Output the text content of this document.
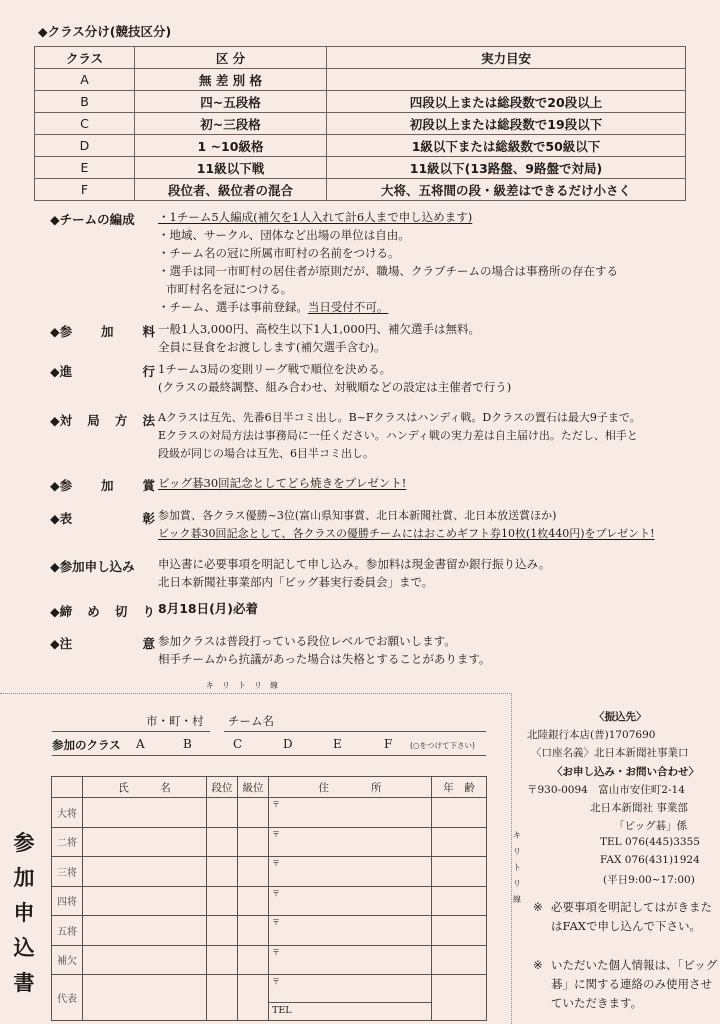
◆クラス分け(競技区分)
クラス	区 分	実力目安
A	無 差 別 格	
B	四~五段格	四段以上または総段数で20段以上
C	初~三段格	初段以上または総段数で19段以下
D	1 ~10級格	1級以下または総級数で50級以下
E	11級以下戦	11級以下(13路盤、9路盤で対局)
F	段位者、級位者の混合	大将、五将間の段・級差はできるだけ小さく
◆チ ームの編成 ・1チーム5人編成(補欠を1人入れて計6人まで申し込めます)
・地域、サークル、団体など出場の単位は自由。
・チーム名の冠に所属市町村の名前をつける。
・選手は同一市町村の居住者が原則だが、職場、クラブチームの場合は事務所の存在する
市町村名を冠につける。
・チーム、選手は事前登録。当日受付不可。
◆参 加 料 一般1人3,000円、高校生以下1人1,000円、補欠選手は無料。
全員に昼食をお渡しします(補欠選手含む)。
◆進	行 1チーム3局の変則リーグ戦で順位を決める。
(クラスの最終調整、組み合わせ、対戦順などの設定は主催者で行う)
◆対 局 方 法 Aクラスは互先、先番6目半コミ出し。B~Fクラスはハンディ戦。Dクラスの置石は最大9子まで。
Eクラスの対局方法は事務局に一任ください。ハンディ戦の実力差は自主届け出。ただし、相手と
段級が同じの場合は互先、6目半コミ出し。
◆参 加 賞 ビッグ碁30回記念としてどら焼きをプレゼント!
◆表	彰 参加賞、各クラス優勝~3位(富山県知事賞、北日本新聞社賞、北日本放送賞ほか)
ビック碁30回記念として、各クラスの優勝チームにはおこめギフト券10枚(1枚440円)をプレゼント!
◆参加申し込み 申込書に必要事項を明記して申し込み。参加料は現金書留か銀行振り込み。
北日本新聞社事業部内「ビッグ碁実行委員会」まで。
◆締 め 切 り 8月18日(月)必着
◆注	意 参加クラスは普段打っている段位レベルでお願いします。
相手チームから抗議があった場合は失格とすることがあります。
キリトリ線
キ
リ
ト
リ
線
市・町・村 チーム名
参加のクラス A	B	C	D	E	F (○をつけて下さい)
参
加
申
込
書
	氏　　　名	段位	級位	住　　　　所	年　齢
大将				〒	

二将				〒	

三将				〒	

四将				〒	

五将				〒	

補欠				〒	

代表				〒
TEL	

〈振込先〉
北陸銀行本店(普)1707690
〈口座名義〉北日本新聞社事業口
〈お申し込み・お問い合わせ〉
〒930-0094　富山市安住町2-14
北日本新聞社 事業部
「ビッグ碁」係
TEL 076(445)3355
FAX 076(431)1924
(平日9:00~17:00)
※ 必要事項を明記してはがきまたはFAXで申し込んで下さい。
※ いただいた個人情報は、「ビッグ碁」に関する連絡のみ使用させていただきます。
